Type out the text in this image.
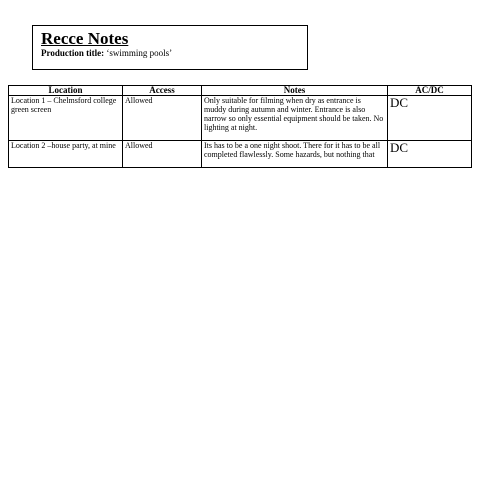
Recce Notes
Production title: ‘swimming pools’
Location	Access	Notes	AC/DC
Location 1 – Chelmsford college green screen	Allowed	Only suitable for filming when dry as entrance is muddy during autumn and winter. Entrance is also narrow so only essential equipment should be taken. No lighting at night.	DC
Location 2 –house party, at mine	Allowed	Its has to be a one night shoot. There for it has to be all completed flawlessly. Some hazards, but nothing that	DC
